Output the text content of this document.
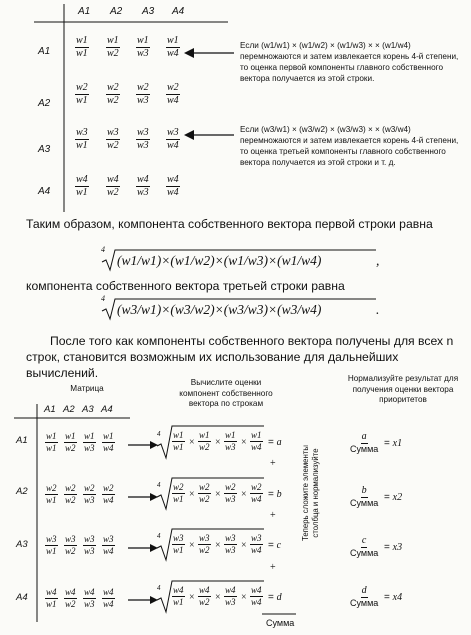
A1 A2 A3 A4
A1
A2
A3
A4
$\frac{w1}{w1} \frac{w1}{w2} \frac{w1}{w3} \frac{w1}{w4}$
$\frac{w2}{w1} \frac{w2}{w2} \frac{w2}{w3} \frac{w2}{w4}$
$\frac{w3}{w1} \frac{w3}{w2} \frac{w3}{w3} \frac{w3}{w4}$
$\frac{w4}{w1} \frac{w4}{w2} \frac{w4}{w3} \frac{w4}{w4}$
Если (w1/w1) × (w1/w2) × (w1/w3) × × (w1/w4) перемножаются и затем извлекается корень 4-й степени, то оценка первой компоненты главного собственного вектора получается из этой строки.
Если (w3/w1) × (w3/w2) × (w3/w3) × × (w3/w4) перемножаются и затем извлекается корень 4-й степени, то оценка третьей компоненты главного собственного вектора получается из этой строки и т. д.
Таким образом, компонента собственного вектора первой строки равна
4
(w1/w1)×(w1/w2)×(w1/w3)×(w1/w4)	,
компонента собственного вектора третьей строки равна
4
(w3/w1)×(w3/w2)×(w3/w3)×(w3/w4)	.
После того как компоненты собственного вектора получены для всех n строк, становится возможным их использование для дальнейших вычислений.
Матрица
Вычислите оценки компонент собственного вектора по строкам
Нормализуйте результат для получения оценки вектора приоритетов
A1 A2 A3 A4
A1
A2
A3
A4
$\frac{w1}{w1} \frac{w1}{w2} \frac{w1}{w3} \frac{w1}{w4}$
$\frac{w2}{w1} \frac{w2}{w2} \frac{w2}{w3} \frac{w2}{w4}$
$\frac{w3}{w1} \frac{w3}{w2} \frac{w3}{w3} \frac{w3}{w4}$
$\frac{w4}{w1} \frac{w4}{w2} \frac{w4}{w3} \frac{w4}{w4}$
4
4
4
4
$\frac{w1}{w1} \times \frac{w1}{w2} \times \frac{w1}{w3} \times \frac{w1}{w4} = a$
$\frac{w2}{w1} \times \frac{w2}{w2} \times \frac{w2}{w3} \times \frac{w2}{w4} = b$
$\frac{w3}{w1} \times \frac{w3}{w2} \times \frac{w3}{w3} \times \frac{w3}{w4} = c$
$\frac{w4}{w1} \times \frac{w4}{w2} \times \frac{w4}{w3} \times \frac{w4}{w4} = d$
+
+
+
Сумма
Теперь сложите элементы столбца и нормализуйте
a
Сумма = x1
b
Сумма = x2
c
Сумма = x3
d
Сумма = x4
